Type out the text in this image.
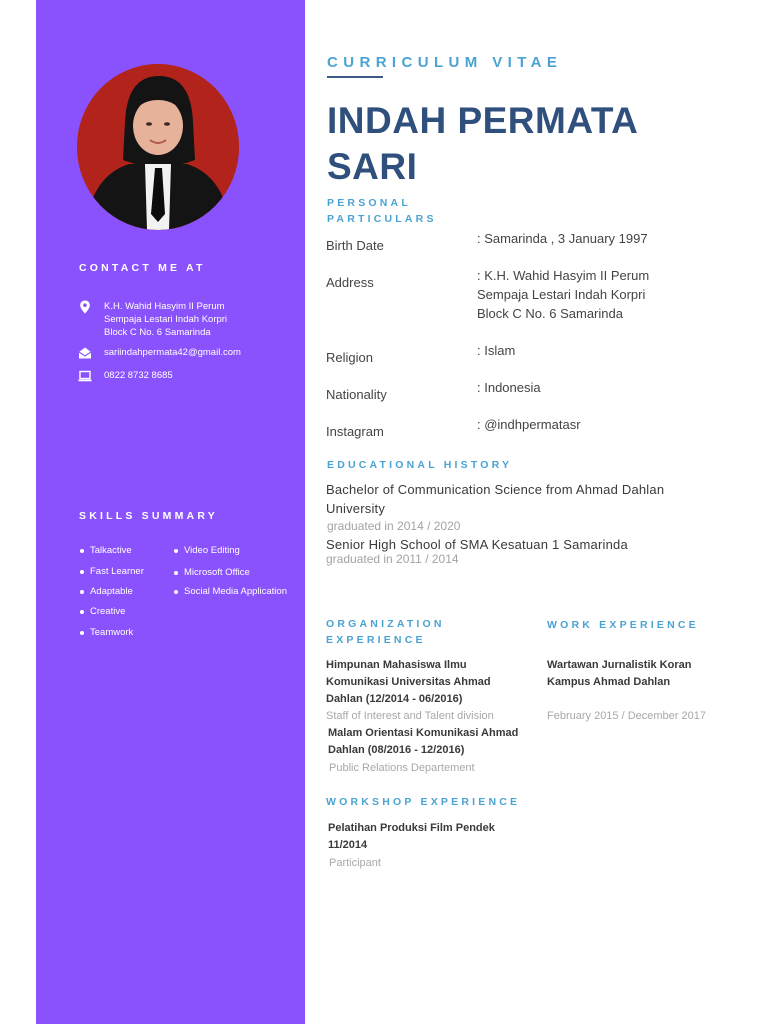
CONTACT ME AT
K.H. Wahid Hasyim II Perum Sempaja Lestari Indah Korpri Block C No. 6 Samarinda
sariindahpermata42@gmail.com
0822 8732 8685
SKILLS SUMMARY
Talkactive
Fast Learner
Adaptable
Creative
Teamwork
Video Editing
Microsoft Office
Social Media Application
CURRICULUM VITAE
INDAH PERMATA SARI
PERSONAL PARTICULARS
Birth Date	: Samarinda , 3 January 1997
Address	: K.H. Wahid Hasyim II Perum Sempaja Lestari Indah Korpri Block C No. 6 Samarinda
Religion	: Islam
Nationality	: Indonesia
Instagram	: @indhpermatasr
EDUCATIONAL HISTORY
Bachelor of Communication Science from Ahmad Dahlan University
graduated in 2014 / 2020
Senior High School of SMA Kesatuan 1 Samarinda
graduated in 2011 / 2014
ORGANIZATION EXPERIENCE
Himpunan Mahasiswa Ilmu Komunikasi Universitas Ahmad Dahlan (12/2014 - 06/2016)
Staff of Interest and Talent division
Malam Orientasi Komunikasi Ahmad Dahlan (08/2016 - 12/2016)
Public Relations Departement
WORK EXPERIENCE
Wartawan Jurnalistik Koran Kampus Ahmad Dahlan
February 2015 / December 2017
WORKSHOP EXPERIENCE
Pelatihan Produksi Film Pendek 11/2014
Participant
